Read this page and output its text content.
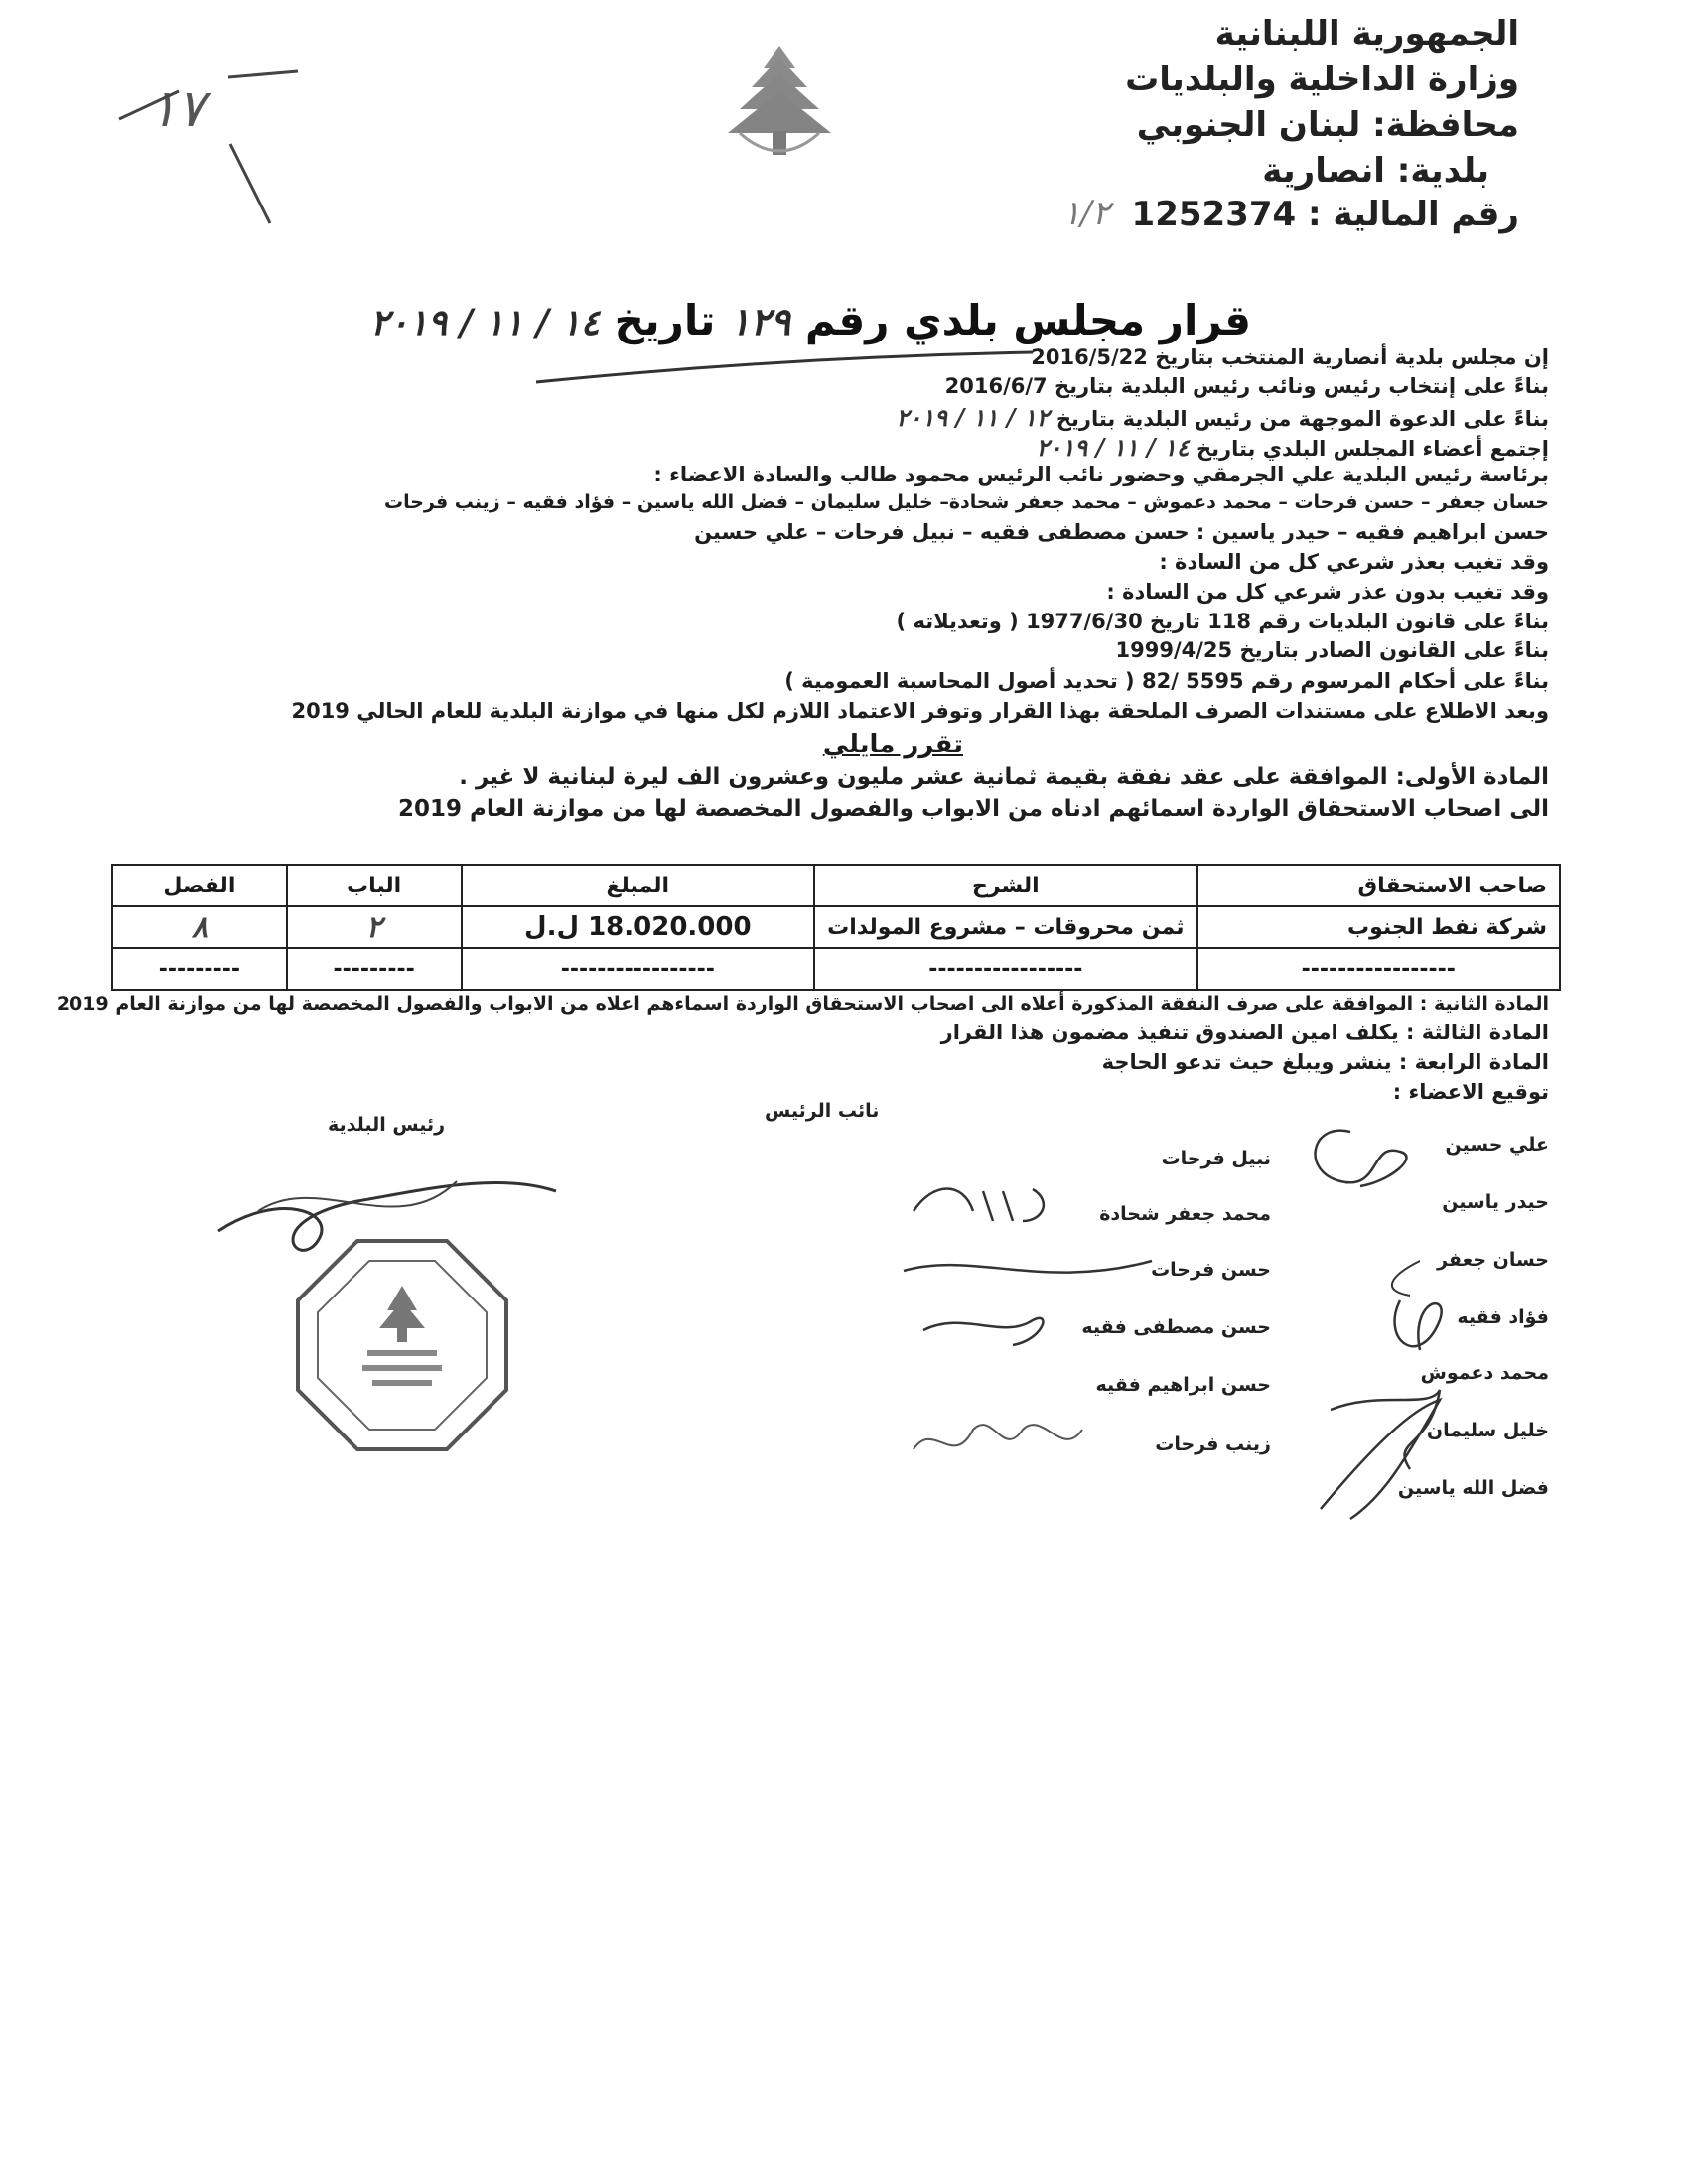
١٧
١/٢
الجمهورية اللبنانية
وزارة الداخلية والبلديات
محافظة: لبنان الجنوبي
بلدية: انصارية
رقم المالية : 1252374
قرار مجلس بلدي رقم ١٢٩ تاريخ ١٤ / ١١ / ٢٠١٩
إن مجلس بلدية أنصارية المنتخب بتاريخ 2016/5/22
بناءً على إنتخاب رئيس ونائب رئيس البلدية بتاريخ 2016/6/7
بناءً على الدعوة الموجهة من رئيس البلدية بتاريخ ١٢ / ١١ / ٢٠١٩
إجتمع أعضاء المجلس البلدي بتاريخ ١٤ / ١١ / ٢٠١٩
برئاسة رئيس البلدية علي الجرمقي وحضور نائب الرئيس محمود طالب والسادة الاعضاء :
حسان جعفر – حسن فرحات – محمد دعموش – محمد جعفر شحادة– خليل سليمان – فضل الله ياسين – فؤاد فقيه – زينب فرحات
حسن ابراهيم فقيه – حيدر ياسين : حسن مصطفى فقيه – نبيل فرحات – علي حسين
وقد تغيب بعذر شرعي كل من السادة :
وقد تغيب بدون عذر شرعي كل من السادة :
بناءً على قانون البلديات رقم 118 تاريخ 1977/6/30 ( وتعديلاته )
بناءً على القانون الصادر بتاريخ 1999/4/25
بناءً على أحكام المرسوم رقم 5595 /82 ( تحديد أصول المحاسبة العمومية )
وبعد الاطلاع على مستندات الصرف الملحقة بهذا القرار وتوفر الاعتماد اللازم لكل منها في موازنة البلدية للعام الحالي 2019
تقرر مايلي
المادة الأولى: الموافقة على عقد نفقة بقيمة ثمانية عشر مليون وعشرون الف ليرة لبنانية لا غير .
الى اصحاب الاستحقاق الواردة اسمائهم ادناه من الابواب والفصول المخصصة لها من موازنة العام 2019
صاحب الاستحقاق	الشرح	المبلغ	الباب	الفصل
شركة نفط الجنوب	ثمن محروقات – مشروع المولدات	18.020.000 ل.ل	٢	٨
-----------------	-----------------	-----------------	---------	---------
المادة الثانية : الموافقة على صرف النفقة المذكورة أعلاه الى اصحاب الاستحقاق الواردة اسماءهم اعلاه من الابواب والفصول المخصصة لها من موازنة العام 2019
المادة الثالثة : يكلف امين الصندوق تنفيذ مضمون هذا القرار
المادة الرابعة : ينشر ويبلغ حيث تدعو الحاجة
توقيع الاعضاء :
رئيس البلدية
نائب الرئيس
علي حسين
حيدر ياسين
حسان جعفر
فؤاد فقيه
محمد دعموش
خليل سليمان
فضل الله ياسين
نبيل فرحات
محمد جعفر شحادة
حسن فرحات
حسن مصطفى فقيه
حسن ابراهيم فقيه
زينب فرحات
